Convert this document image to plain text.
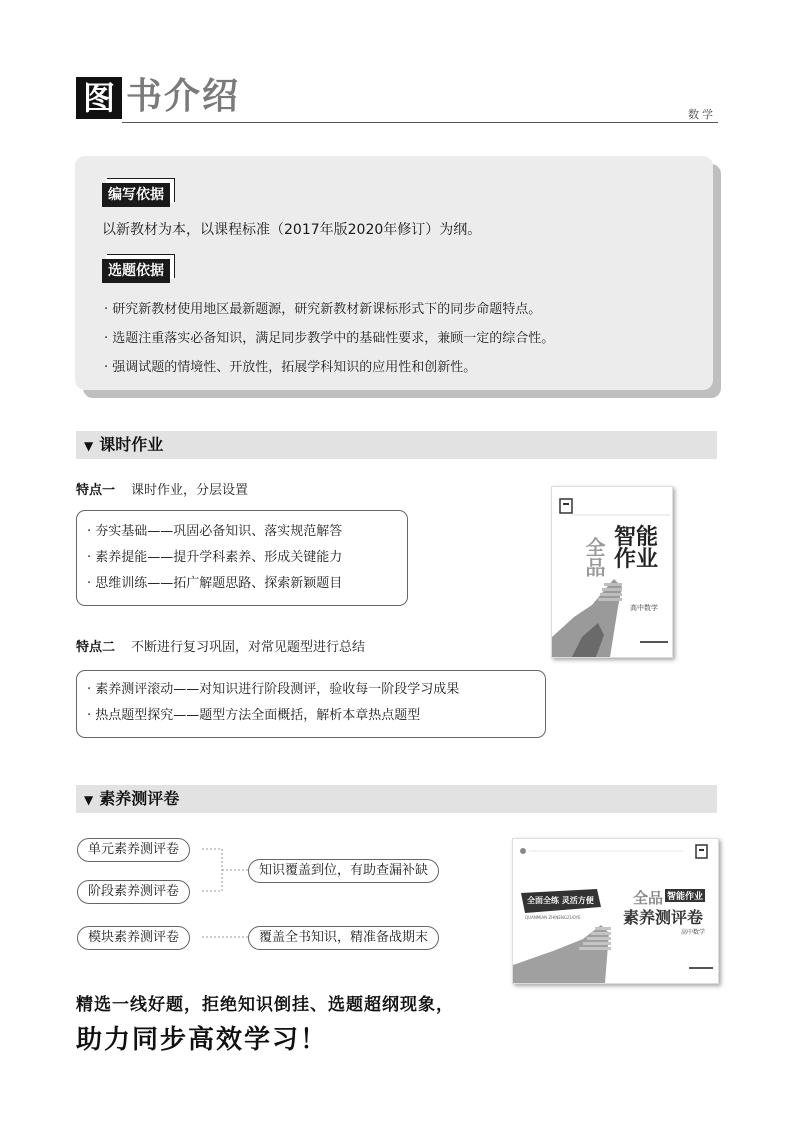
图 书介绍	数学
编写依据
以新教材为本，以课程标准（2017年版2020年修订）为纲。
选题依据
· 研究新教材使用地区最新题源，研究新教材新课标形式下的同步命题特点。
· 选题注重落实必备知识，满足同步教学中的基础性要求，兼顾一定的综合性。
· 强调试题的情境性、开放性，拓展学科知识的应用性和创新性。
▼ 课时作业
特点一 课时作业，分层设置
· 夯实基础——巩固必备知识、落实规范解答
· 素养提能——提升学科素养、形成关键能力
· 思维训练——拓广解题思路、探索新颖题目
特点二 不断进行复习巩固，对常见题型进行总结
· 素养测评滚动——对知识进行阶段测评，验收每一阶段学习成果
· 热点题型探究——题型方法全面概括，解析本章热点题型
全品 智能作业
高中数学
▼ 素养测评卷
单元素养测评卷
阶段素养测评卷
模块素养测评卷
知识覆盖到位，有助查漏补缺
覆盖全书知识，精准备战期末
全面全练 灵活方便
QUANMIAN ZHINENGZUOYE
全品 智能作业
素养测评卷
高中数学
精选一线好题，拒绝知识倒挂、选题超纲现象，
助力同步高效学习！
